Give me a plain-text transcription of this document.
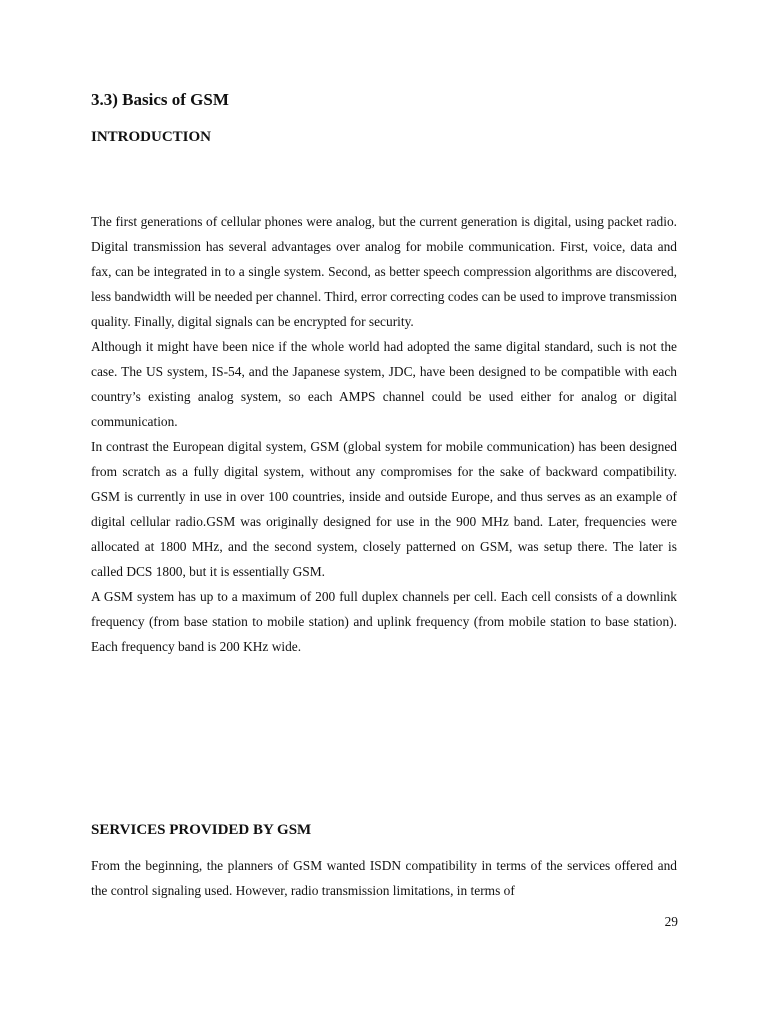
3.3) Basics of GSM
INTRODUCTION

The first generations of cellular phones were analog, but the current generation is digital, using packet radio. Digital transmission has several advantages over analog for mobile communication. First, voice, data and fax, can be integrated in to a single system. Second, as better speech compression algorithms are discovered, less bandwidth will be needed per channel. Third, error correcting codes can be used to improve transmission quality. Finally, digital signals can be encrypted for security.

Although it might have been nice if the whole world had adopted the same digital standard, such is not the case. The US system, IS-54, and the Japanese system, JDC, have been designed to be compatible with each country’s existing analog system, so each AMPS channel could be used either for analog or digital communication.

In contrast the European digital system, GSM (global system for mobile communication) has been designed from scratch as a fully digital system, without any compromises for the sake of backward compatibility. GSM is currently in use in over 100 countries, inside and outside Europe, and thus serves as an example of digital cellular radio.GSM was originally designed for use in the 900 MHz band. Later, frequencies were allocated at 1800 MHz, and the second system, closely patterned on GSM, was setup there. The later is called DCS 1800, but it is essentially GSM.

A GSM system has up to a maximum of 200 full duplex channels per cell. Each cell consists of a downlink frequency (from base station to mobile station) and uplink frequency (from mobile station to base station). Each frequency band is 200 KHz wide.

SERVICES PROVIDED BY GSM

From the beginning, the planners of GSM wanted ISDN compatibility in terms of the services offered and the control signaling used. However, radio transmission limitations, in terms of

29
